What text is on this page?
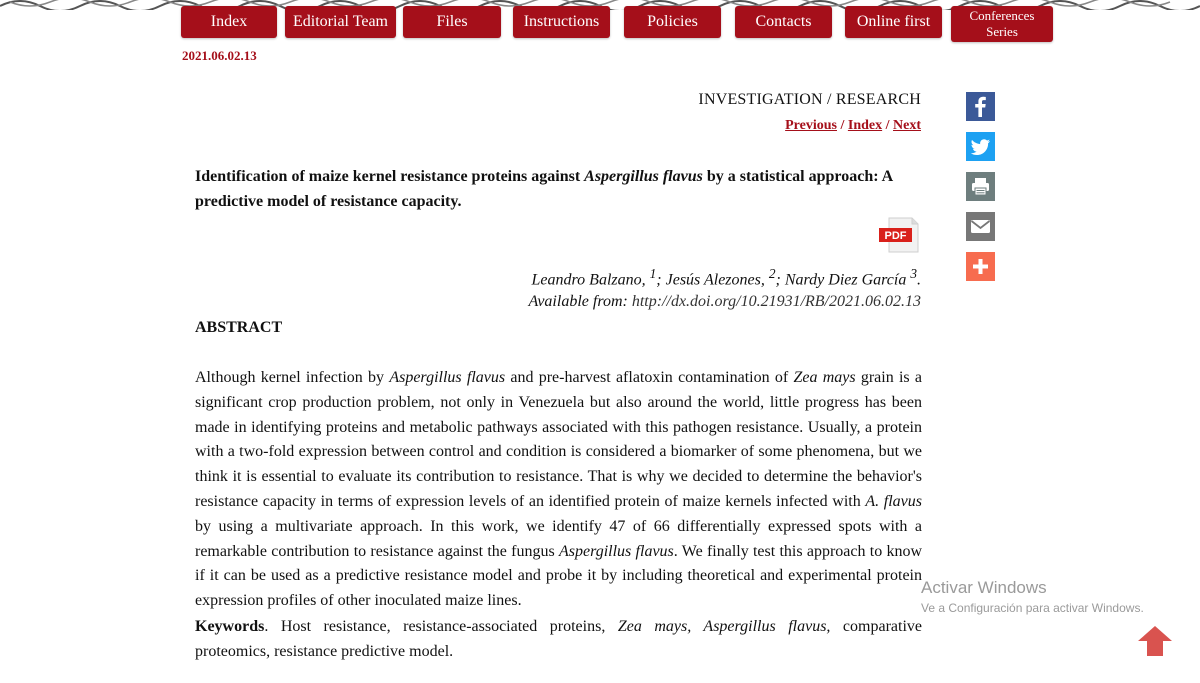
Index	Editorial Team	Files	Instructions	Policies	Contacts	Online first	Conferences
Series
2021.06.02.13
INVESTIGATION / RESEARCH
Previous / Index / Next
Identification of maize kernel resistance proteins against Aspergillus flavus by a statistical approach: A predictive model of resistance capacity.
PDF
Leandro Balzano, $^1$; Jesús Alezones, $^2$; Nardy Diez García $^3$.
Available from: http://dx.doi.org/10.21931/RB/2021.06.02.13
ABSTRACT
Although kernel infection by Aspergillus flavus and pre-harvest aflatoxin contamination of Zea mays grain is a significant crop production problem, not only in Venezuela but also around the world, little progress has been made in identifying proteins and metabolic pathways associated with this pathogen resistance. Usually, a protein with a two-fold expression between control and condition is considered a biomarker of some phenomena, but we think it is essential to evaluate its contribution to resistance. That is why we decided to determine the behavior's resistance capacity in terms of expression levels of an identified protein of maize kernels infected with A. flavus by using a multivariate approach. In this work, we identify 47 of 66 differentially expressed spots with a remarkable contribution to resistance against the fungus Aspergillus flavus. We finally test this approach to know if it can be used as a predictive resistance model and probe it by including theoretical and experimental protein expression profiles of other inoculated maize lines.
Keywords. Host resistance, resistance-associated proteins, Zea mays, Aspergillus flavus, comparative proteomics, resistance predictive model.
Activar Windows
Ve a Configuración para activar Windows.
